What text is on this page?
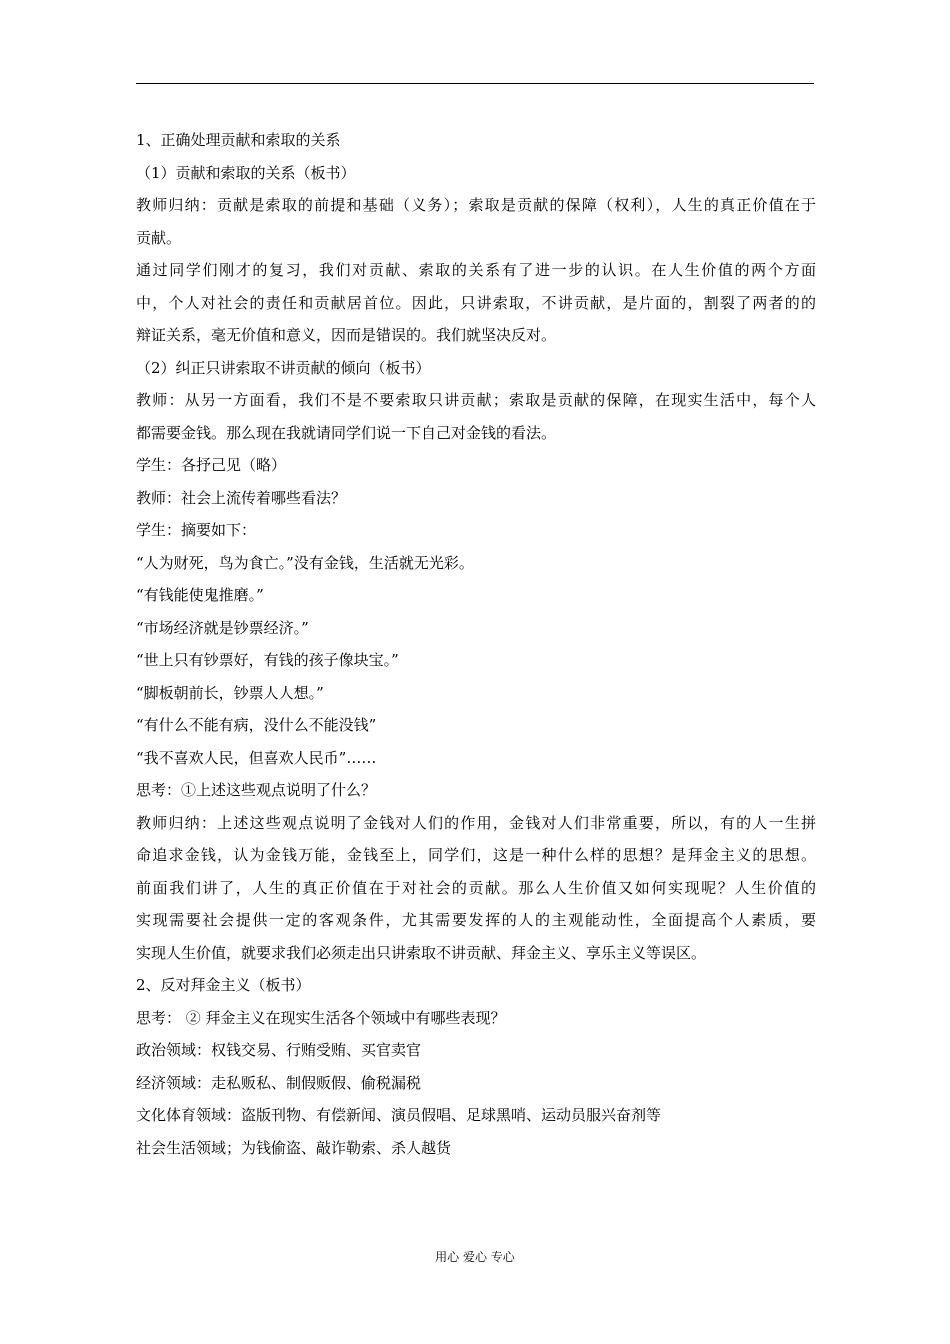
1、正确处理贡献和索取的关系
（1）贡献和索取的关系（板书）
教师归纳：贡献是索取的前提和基础（义务）；索取是贡献的保障（权利），人生的真正价值在于
贡献。
通过同学们刚才的复习，我们对贡献、索取的关系有了进一步的认识。在人生价值的两个方面
中，个人对社会的责任和贡献居首位。因此，只讲索取，不讲贡献，是片面的，割裂了两者的的
辩证关系，毫无价值和意义，因而是错误的。我们就坚决反对。
（2）纠正只讲索取不讲贡献的倾向（板书）
教师：从另一方面看，我们不是不要索取只讲贡献；索取是贡献的保障，在现实生活中，每个人
都需要金钱。那么现在我就请同学们说一下自己对金钱的看法。
学生：各抒己见（略）
教师：社会上流传着哪些看法？
学生：摘要如下：
“人为财死，鸟为食亡。”没有金钱，生活就无光彩。
“有钱能使鬼推磨。”
“市场经济就是钞票经济。”
“世上只有钞票好，有钱的孩子像块宝。”
“脚板朝前长，钞票人人想。”
“有什么不能有病，没什么不能没钱”
“我不喜欢人民，但喜欢人民币”……
思考：①上述这些观点说明了什么？
教师归纳：上述这些观点说明了金钱对人们的作用，金钱对人们非常重要，所以，有的人一生拼
命追求金钱，认为金钱万能，金钱至上，同学们，这是一种什么样的思想？是拜金主义的思想。
前面我们讲了，人生的真正价值在于对社会的贡献。那么人生价值又如何实现呢？人生价值的
实现需要社会提供一定的客观条件，尤其需要发挥的人的主观能动性，全面提高个人素质，要
实现人生价值，就要求我们必须走出只讲索取不讲贡献、拜金主义、享乐主义等误区。
2、反对拜金主义（板书）
思考： ② 拜金主义在现实生活各个领域中有哪些表现？
政治领域：权钱交易、行贿受贿、买官卖官
经济领域：走私贩私、制假贩假、偷税漏税
文化体育领域：盗版刊物、有偿新闻、演员假唱、足球黑哨、运动员服兴奋剂等
社会生活领域；为钱偷盗、敲诈勒索、杀人越货
用心 爱心 专心
